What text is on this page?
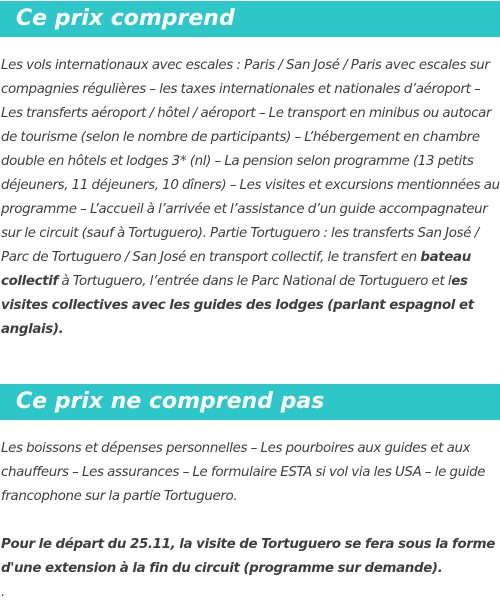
Ce prix comprend

Les vols internationaux avec escales : Paris / San José / Paris avec escales sur compagnies régulières – les taxes internationales et nationales d’aéroport – Les transferts aéroport / hôtel / aéroport – Le transport en minibus ou autocar de tourisme (selon le nombre de participants) – L’hébergement en chambre double en hôtels et lodges 3* (nl) – La pension selon programme (13 petits déjeuners, 11 déjeuners, 10 dîners) – Les visites et excursions mentionnées au programme – L’accueil à l’arrivée et l’assistance d’un guide accompagnateur sur le circuit (sauf à Tortuguero). Partie Tortuguero : les transferts San José / Parc de Tortuguero / San José en transport collectif, le transfert en bateau collectif à Tortuguero, l’entrée dans le Parc National de Tortuguero et les visites collectives avec les guides des lodges (parlant espagnol et anglais).

Ce prix ne comprend pas

Les boissons et dépenses personnelles – Les pourboires aux guides et aux chauffeurs – Les assurances – Le formulaire ESTA si vol via les USA – le guide francophone sur la partie Tortuguero.

Pour le départ du 25.11, la visite de Tortuguero se fera sous la forme d'une extension à la fin du circuit (programme sur demande).

.
